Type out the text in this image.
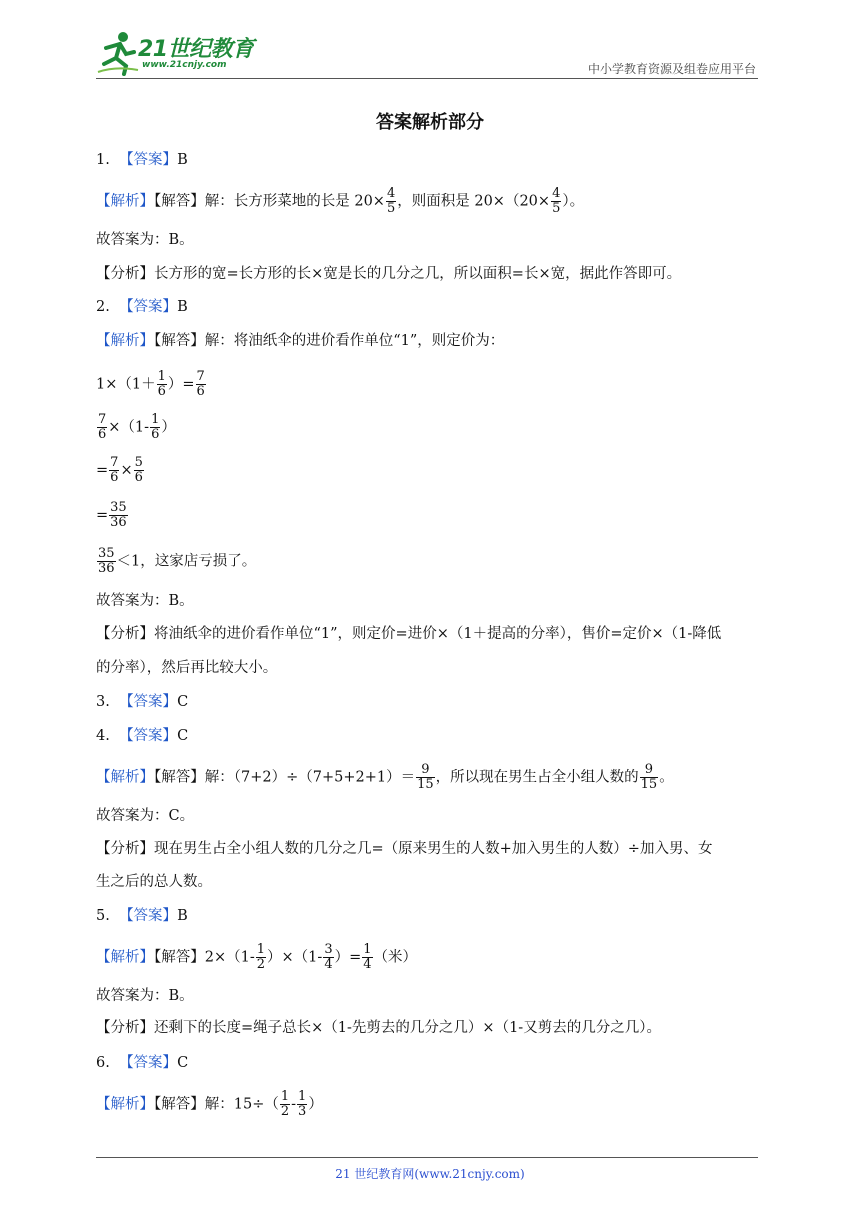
21世纪教育
www.21cnjy.com	中小学教育资源及组卷应用平台
答案解析部分
1. 【答案】B
【解析】【解答】解：长方形菜地的长是 $20\times \frac{4}{5}$ ，则面积是 $20\times(20\times \frac{4}{5}$ ）。
故答案为：B。
【分析】长方形的宽=长方形的长×宽是长的几分之几，所以面积=长×宽，据此作答即可。
2. 【答案】B
【解析】【解答】解：将油纸伞的进价看作单位“1”，则定价为：
$1\times(1+ \frac{1}{6}$ ）= $\frac{7}{6}$
$\frac{7}{6} \times(1- \frac{1}{6}$ ）
= $\frac{7}{6} \times \frac{5}{6}$
= $\frac{35}{36}$
$\frac{35}{36} <1$，这家店亏损了。
故答案为：B。
【分析】将油纸伞的进价看作单位“1”，则定价=进价×（1＋提高的分率），售价=定价×（1-降低
的分率），然后再比较大小。
3. 【答案】C
4. 【答案】C
【解析】【解答】解：$(7+2)\div(7+5+2+1)= \frac{9}{15}$ ，所以现在男生占全小组人数的 $\frac{9}{15}$ 。
故答案为：C。
【分析】现在男生占全小组人数的几分之几=（原来男生的人数+加入男生的人数）÷加入男、女
生之后的总人数。
5. 【答案】B
【解析】【解答】$2\times(1- \frac{1}{2} )\times(1- \frac{3}{4}$ ）= $\frac{1}{4}$ （米）
故答案为：B。
【分析】还剩下的长度=绳子总长×（1-先剪去的几分之几）×（1-又剪去的几分之几）。
6. 【答案】C
【解析】【解答】解：$15\div( \frac{1}{2} - \frac{1}{3}$ ）
21 世纪教育网(www.21cnjy.com)
